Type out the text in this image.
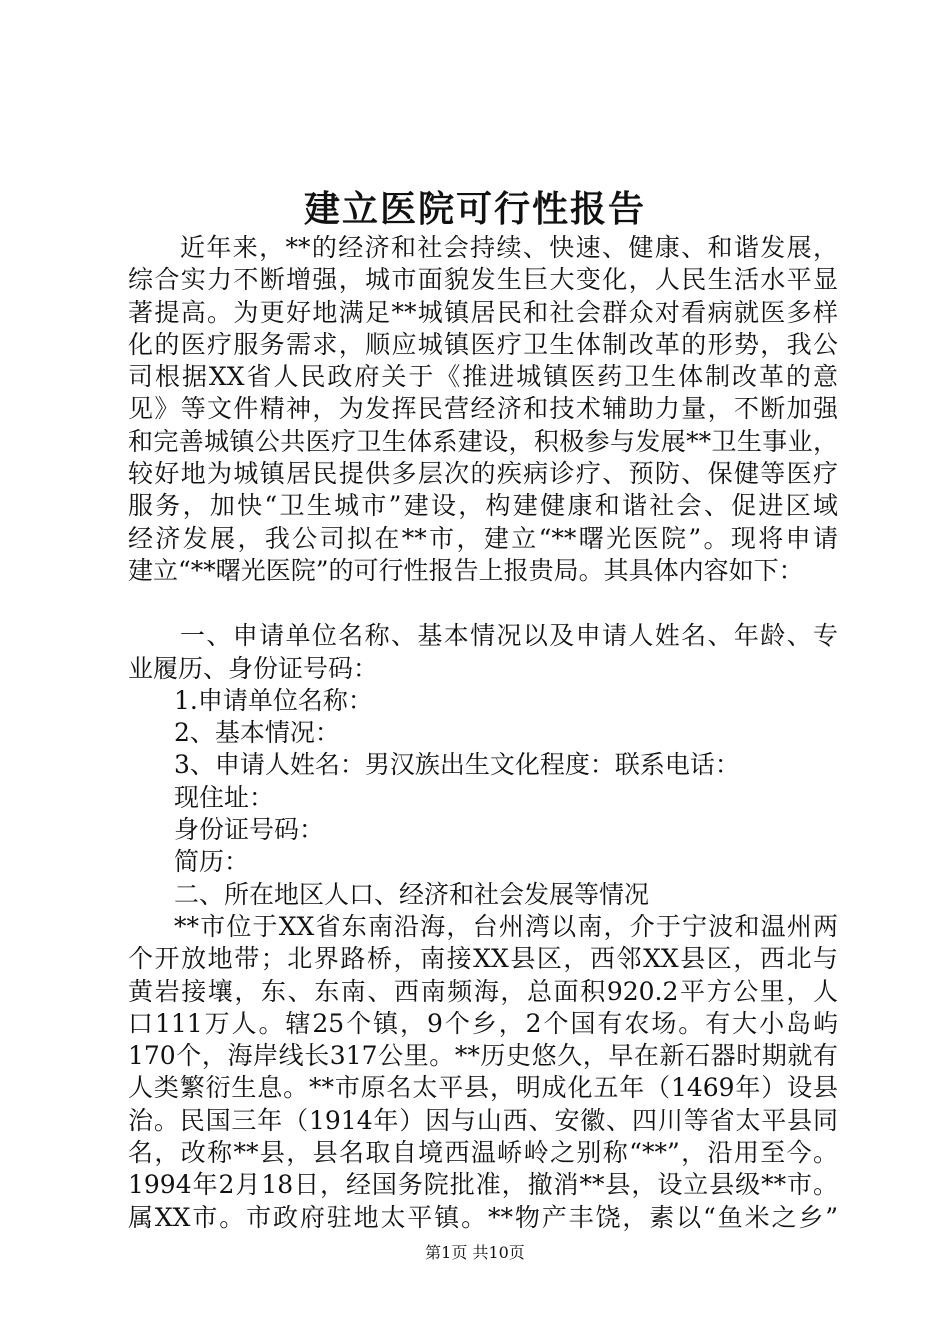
建立医院可行性报告
近年来，**的经济和社会持续、快速、健康、和谐发展，
综合实力不断增强，城市面貌发生巨大变化，人民生活水平显
著提高。为更好地满足**城镇居民和社会群众对看病就医多样
化的医疗服务需求，顺应城镇医疗卫生体制改革的形势，我公
司根据XX省人民政府关于《推进城镇医药卫生体制改革的意
见》等文件精神，为发挥民营经济和技术辅助力量，不断加强
和完善城镇公共医疗卫生体系建设，积极参与发展**卫生事业，
较好地为城镇居民提供多层次的疾病诊疗、预防、保健等医疗
服务，加快“卫生城市”建设，构建健康和谐社会、促进区域
经济发展，我公司拟在**市，建立“**曙光医院”。现将申请
建立“**曙光医院”的可行性报告上报贵局。其具体内容如下：
一、申请单位名称、基本情况以及申请人姓名、年龄、专
业履历、身份证号码：
1.申请单位名称：
2、基本情况：
3、申请人姓名：男汉族出生文化程度：联系电话：
现住址：
身份证号码：
简历：
二、所在地区人口、经济和社会发展等情况
**市位于XX省东南沿海，台州湾以南，介于宁波和温州两
个开放地带；北界路桥，南接XX县区，西邻XX县区，西北与
黄岩接壤，东、东南、西南频海，总面积920.2平方公里，人
口111万人。辖25个镇，9个乡，2个国有农场。有大小岛屿
170个，海岸线长317公里。**历史悠久，早在新石器时期就有
人类繁衍生息。**市原名太平县，明成化五年（1469年）设县
治。民国三年（1914年）因与山西、安徽、四川等省太平县同
名，改称**县，县名取自境西温峤岭之别称“**”，沿用至今。
1994年2月18日，经国务院批准，撤消**县，设立县级**市。
属XX市。市政府驻地太平镇。**物产丰饶，素以“鱼米之乡”
第1页 共10页
